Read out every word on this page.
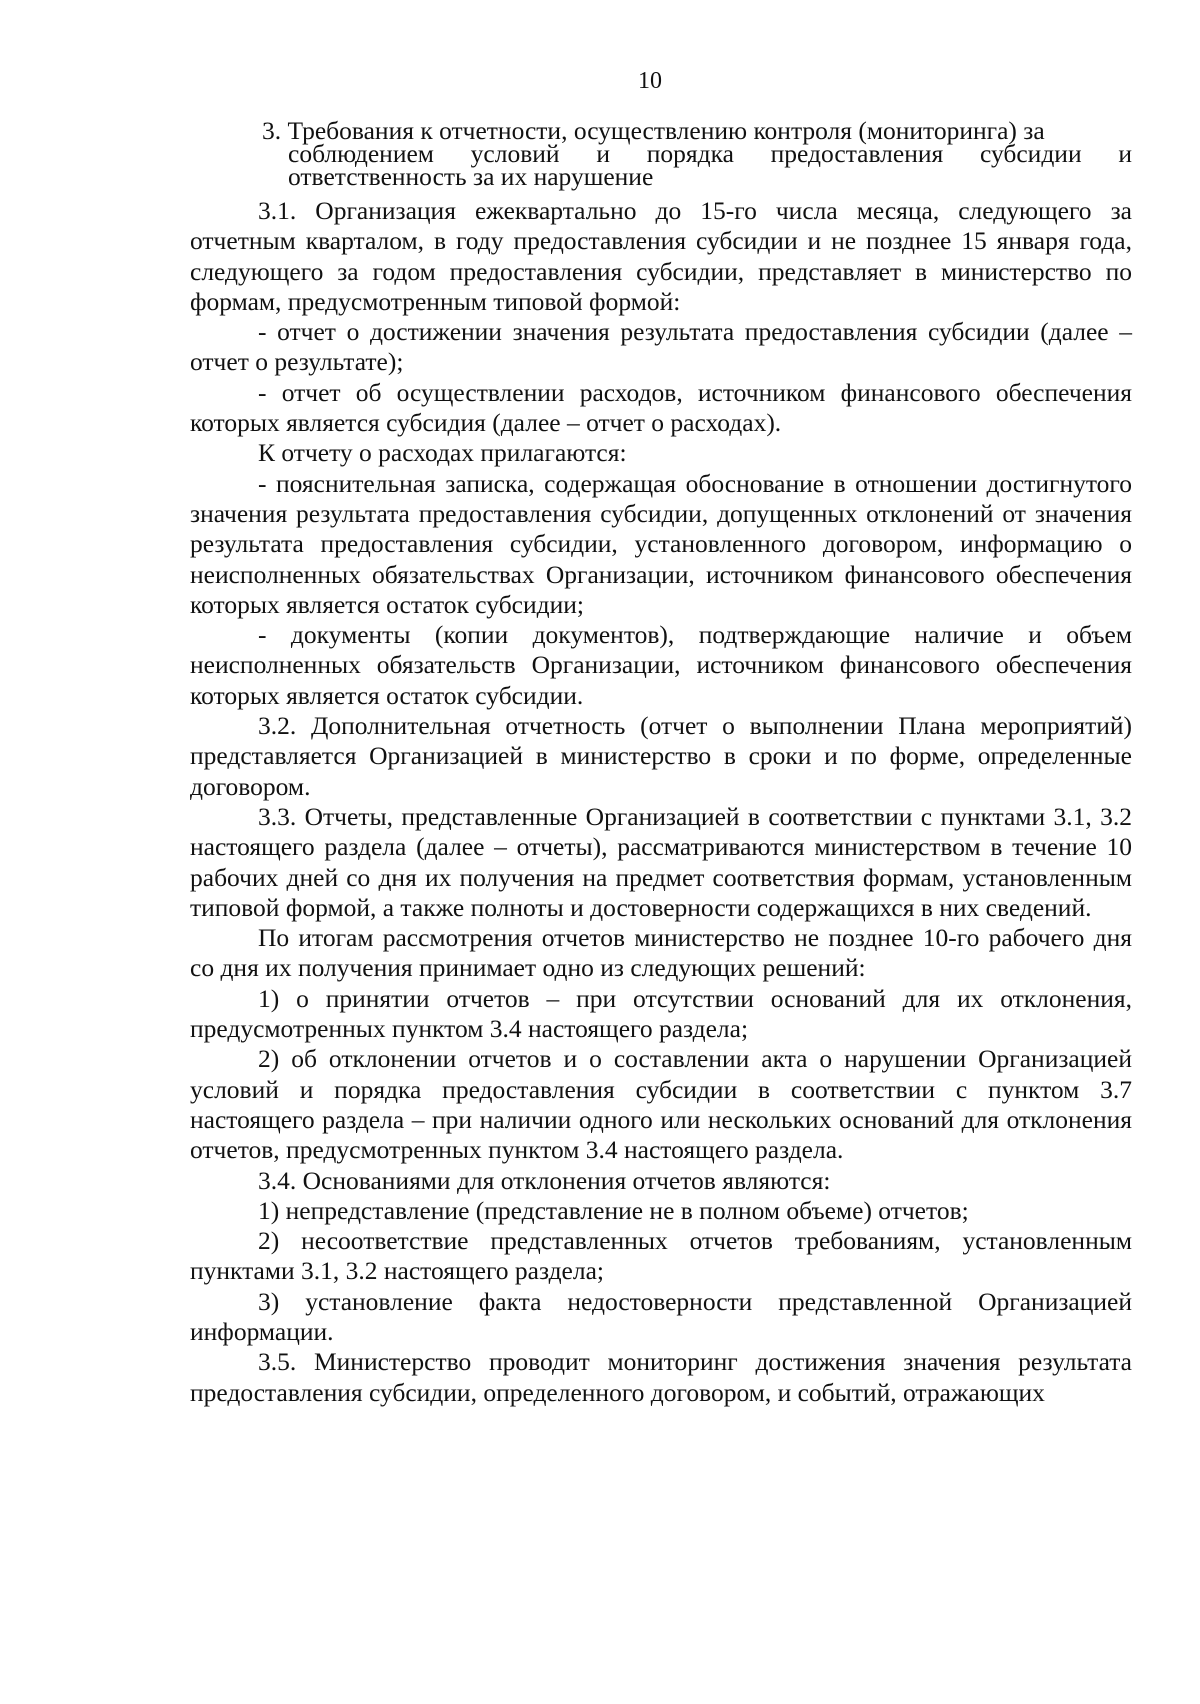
10

3. Требования к отчетности, осуществлению контроля (мониторинга) за

соблюдением условий и порядка предоставления субсидии и

ответственность за их нарушение

3.1. Организация ежеквартально до 15-го числа месяца, следующего за отчетным кварталом, в году предоставления субсидии и не позднее 15 января года, следующего за годом предоставления субсидии, представляет в министерство по формам, предусмотренным типовой формой:

- отчет о достижении значения результата предоставления субсидии (далее – отчет о результате);

- отчет об осуществлении расходов, источником финансового обеспечения которых является субсидия (далее – отчет о расходах).

К отчету о расходах прилагаются:

- пояснительная записка, содержащая обоснование в отношении достигнутого значения результата предоставления субсидии, допущенных отклонений от значения результата предоставления субсидии, установленного договором, информацию о неисполненных обязательствах Организации, источником финансового обеспечения которых является остаток субсидии;

- документы (копии документов), подтверждающие наличие и объем неисполненных обязательств Организации, источником финансового обеспечения которых является остаток субсидии.

3.2. Дополнительная отчетность (отчет о выполнении Плана мероприятий) представляется Организацией в министерство в сроки и по форме, определенные договором.

3.3. Отчеты, представленные Организацией в соответствии с пунктами 3.1, 3.2 настоящего раздела (далее – отчеты), рассматриваются министерством в течение 10 рабочих дней со дня их получения на предмет соответствия формам, установленным типовой формой, а также полноты и достоверности содержащихся в них сведений.

По итогам рассмотрения отчетов министерство не позднее 10-го рабочего дня со дня их получения принимает одно из следующих решений:

1) о принятии отчетов – при отсутствии оснований для их отклонения, предусмотренных пунктом 3.4 настоящего раздела;

2) об отклонении отчетов и о составлении акта о нарушении Организацией условий и порядка предоставления субсидии в соответствии с пунктом 3.7 настоящего раздела – при наличии одного или нескольких оснований для отклонения отчетов, предусмотренных пунктом 3.4 настоящего раздела.

3.4. Основаниями для отклонения отчетов являются:

1) непредставление (представление не в полном объеме) отчетов;

2) несоответствие представленных отчетов требованиям, установленным пунктами 3.1, 3.2 настоящего раздела;

3) установление факта недостоверности представленной Организацией информации.

3.5. Министерство проводит мониторинг достижения значения результата предоставления субсидии, определенного договором, и событий, отражающих
